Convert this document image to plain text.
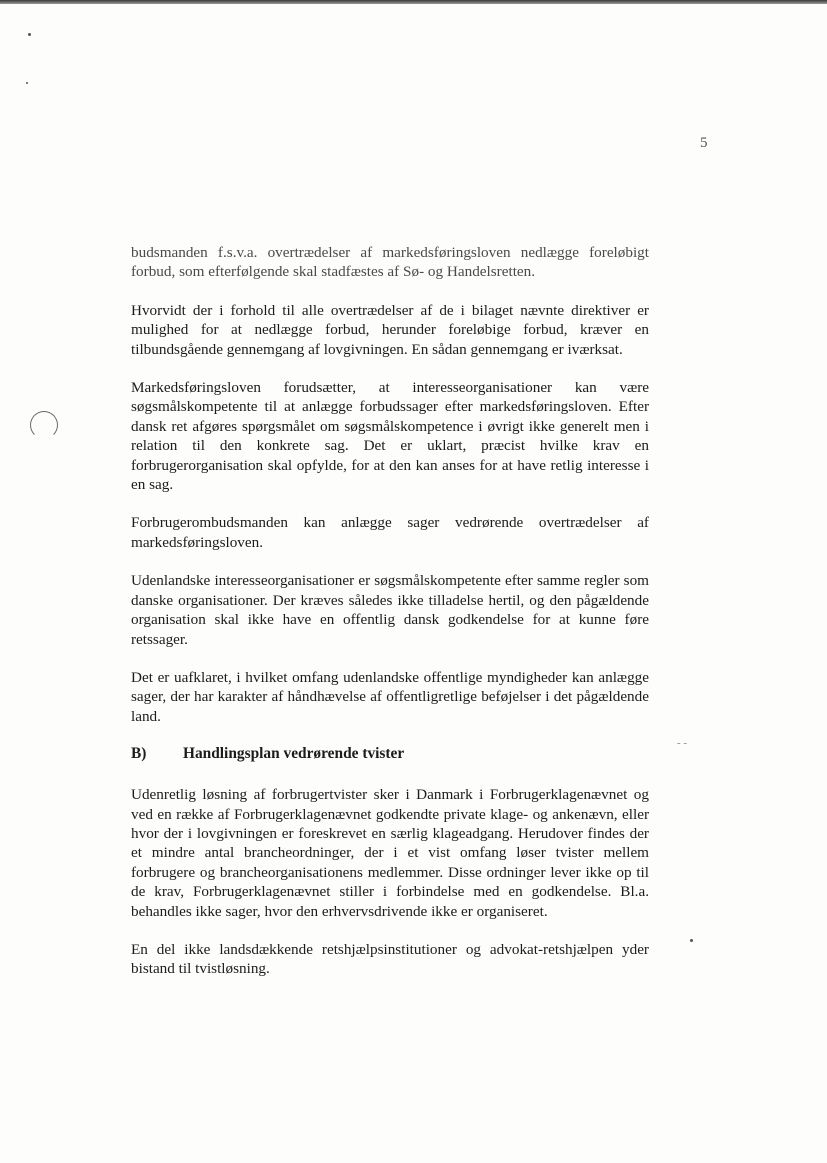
- -
5

budsmanden f.s.v.a. overtrædelser af markedsføringsloven nedlægge foreløbigt forbud, som efterfølgende skal stadfæstes af Sø- og Handelsretten.

Hvorvidt der i forhold til alle overtrædelser af de i bilaget nævnte direktiver er mulighed for at nedlægge forbud, herunder foreløbige forbud, kræver en tilbundsgående gennemgang af lovgivningen. En sådan gennemgang er iværksat.

Markedsføringsloven forudsætter, at interesseorganisationer kan være søgsmålskompetente til at anlægge forbudssager efter markedsføringsloven. Efter dansk ret afgøres spørgsmålet om søgsmålskompetence i øvrigt ikke generelt men i relation til den konkrete sag. Det er uklart, præcist hvilke krav en forbrugerorganisation skal opfylde, for at den kan anses for at have retlig interesse i en sag.

Forbrugerombudsmanden kan anlægge sager vedrørende overtrædelser af markedsføringsloven.

Udenlandske interesseorganisationer er søgsmålskompetente efter samme regler som danske organisationer. Der kræves således ikke tilladelse hertil, og den pågældende organisation skal ikke have en offentlig dansk godkendelse for at kunne føre retssager.

Det er uafklaret, i hvilket omfang udenlandske offentlige myndigheder kan anlægge sager, der har karakter af håndhævelse af offentligretlige beføjelser i det pågældende land.

B)	Handlingsplan vedrørende tvister

Udenretlig løsning af forbrugertvister sker i Danmark i Forbrugerklagenævnet og ved en række af Forbrugerklagenævnet godkendte private klage- og ankenævn, eller hvor der i lovgivningen er foreskrevet en særlig klageadgang. Herudover findes der et mindre antal brancheordninger, der i et vist omfang løser tvister mellem forbrugere og brancheorganisationens medlemmer. Disse ordninger lever ikke op til de krav, Forbrugerklagenævnet stiller i forbindelse med en godkendelse. Bl.a. behandles ikke sager, hvor den erhvervsdrivende ikke er organiseret.

En del ikke landsdækkende retshjælpsinstitutioner og advokat-retshjælpen yder bistand til tvistløsning.
